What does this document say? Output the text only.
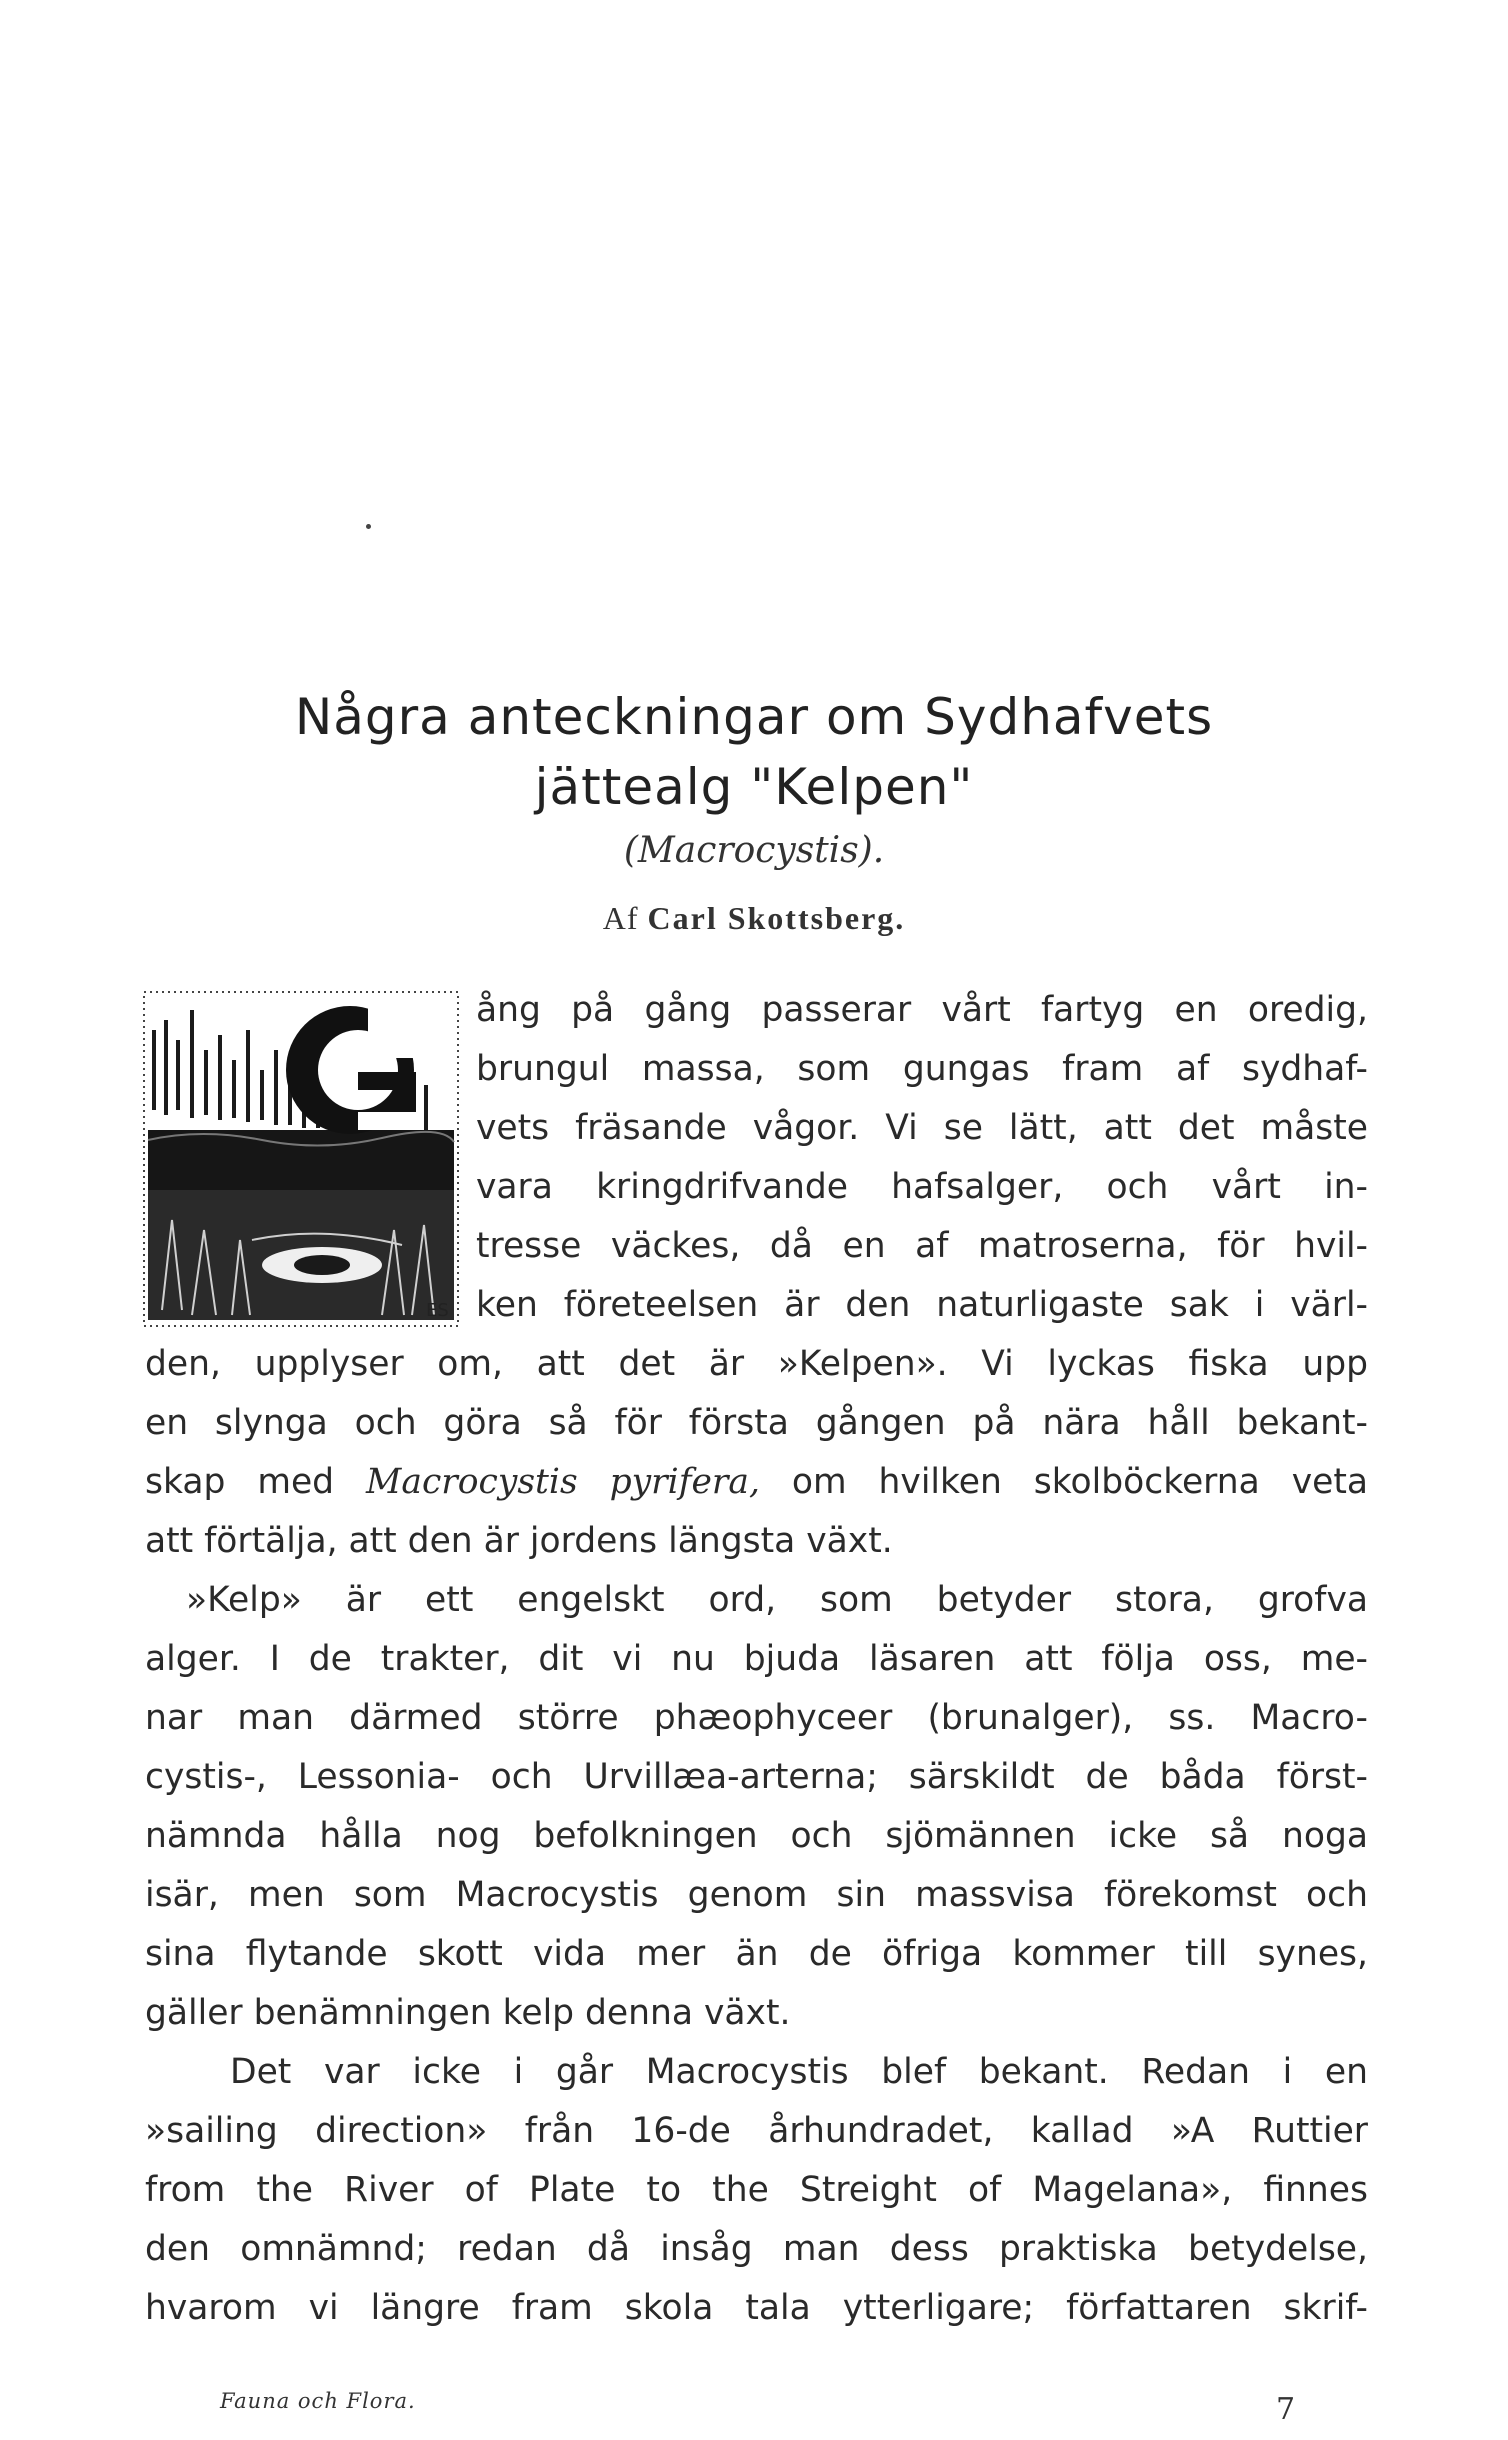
Några anteckningar om Sydhafvets
jättealg "Kelpen"
(Macrocystis).
Af Carl Skottsberg.
ES
ång på gång passerar vårt fartyg en oredig,
brungul massa, som gungas fram af sydhaf-
vets fräsande vågor. Vi se lätt, att det måste
vara kringdrifvande hafsalger, och vårt in-
tresse väckes, då en af matroserna, för hvil-
ken företeelsen är den naturligaste sak i värl-
den, upplyser om, att det är »Kelpen». Vi lyckas fiska upp
en slynga och göra så för första gången på nära håll bekant-
skap med Macrocystis pyrifera, om hvilken skolböckerna veta
att förtälja, att den är jordens längsta växt.
»Kelp» är ett engelskt ord, som betyder stora, grofva
alger. I de trakter, dit vi nu bjuda läsaren att följa oss, me-
nar man därmed större phæophyceer (brunalger), ss. Macro-
cystis-, Lessonia- och Urvillæa-arterna; särskildt de båda först-
nämnda hålla nog befolkningen och sjömännen icke så noga
isär, men som Macrocystis genom sin massvisa förekomst och
sina flytande skott vida mer än de öfriga kommer till synes,
gäller benämningen kelp denna växt.
Det var icke i går Macrocystis blef bekant. Redan i en
»sailing direction» från 16-de århundradet, kallad »A Ruttier
from the River of Plate to the Streight of Magelana», finnes
den omnämnd; redan då insåg man dess praktiska betydelse,
hvarom vi längre fram skola tala ytterligare; författaren skrif-
Fauna och Flora.	7
